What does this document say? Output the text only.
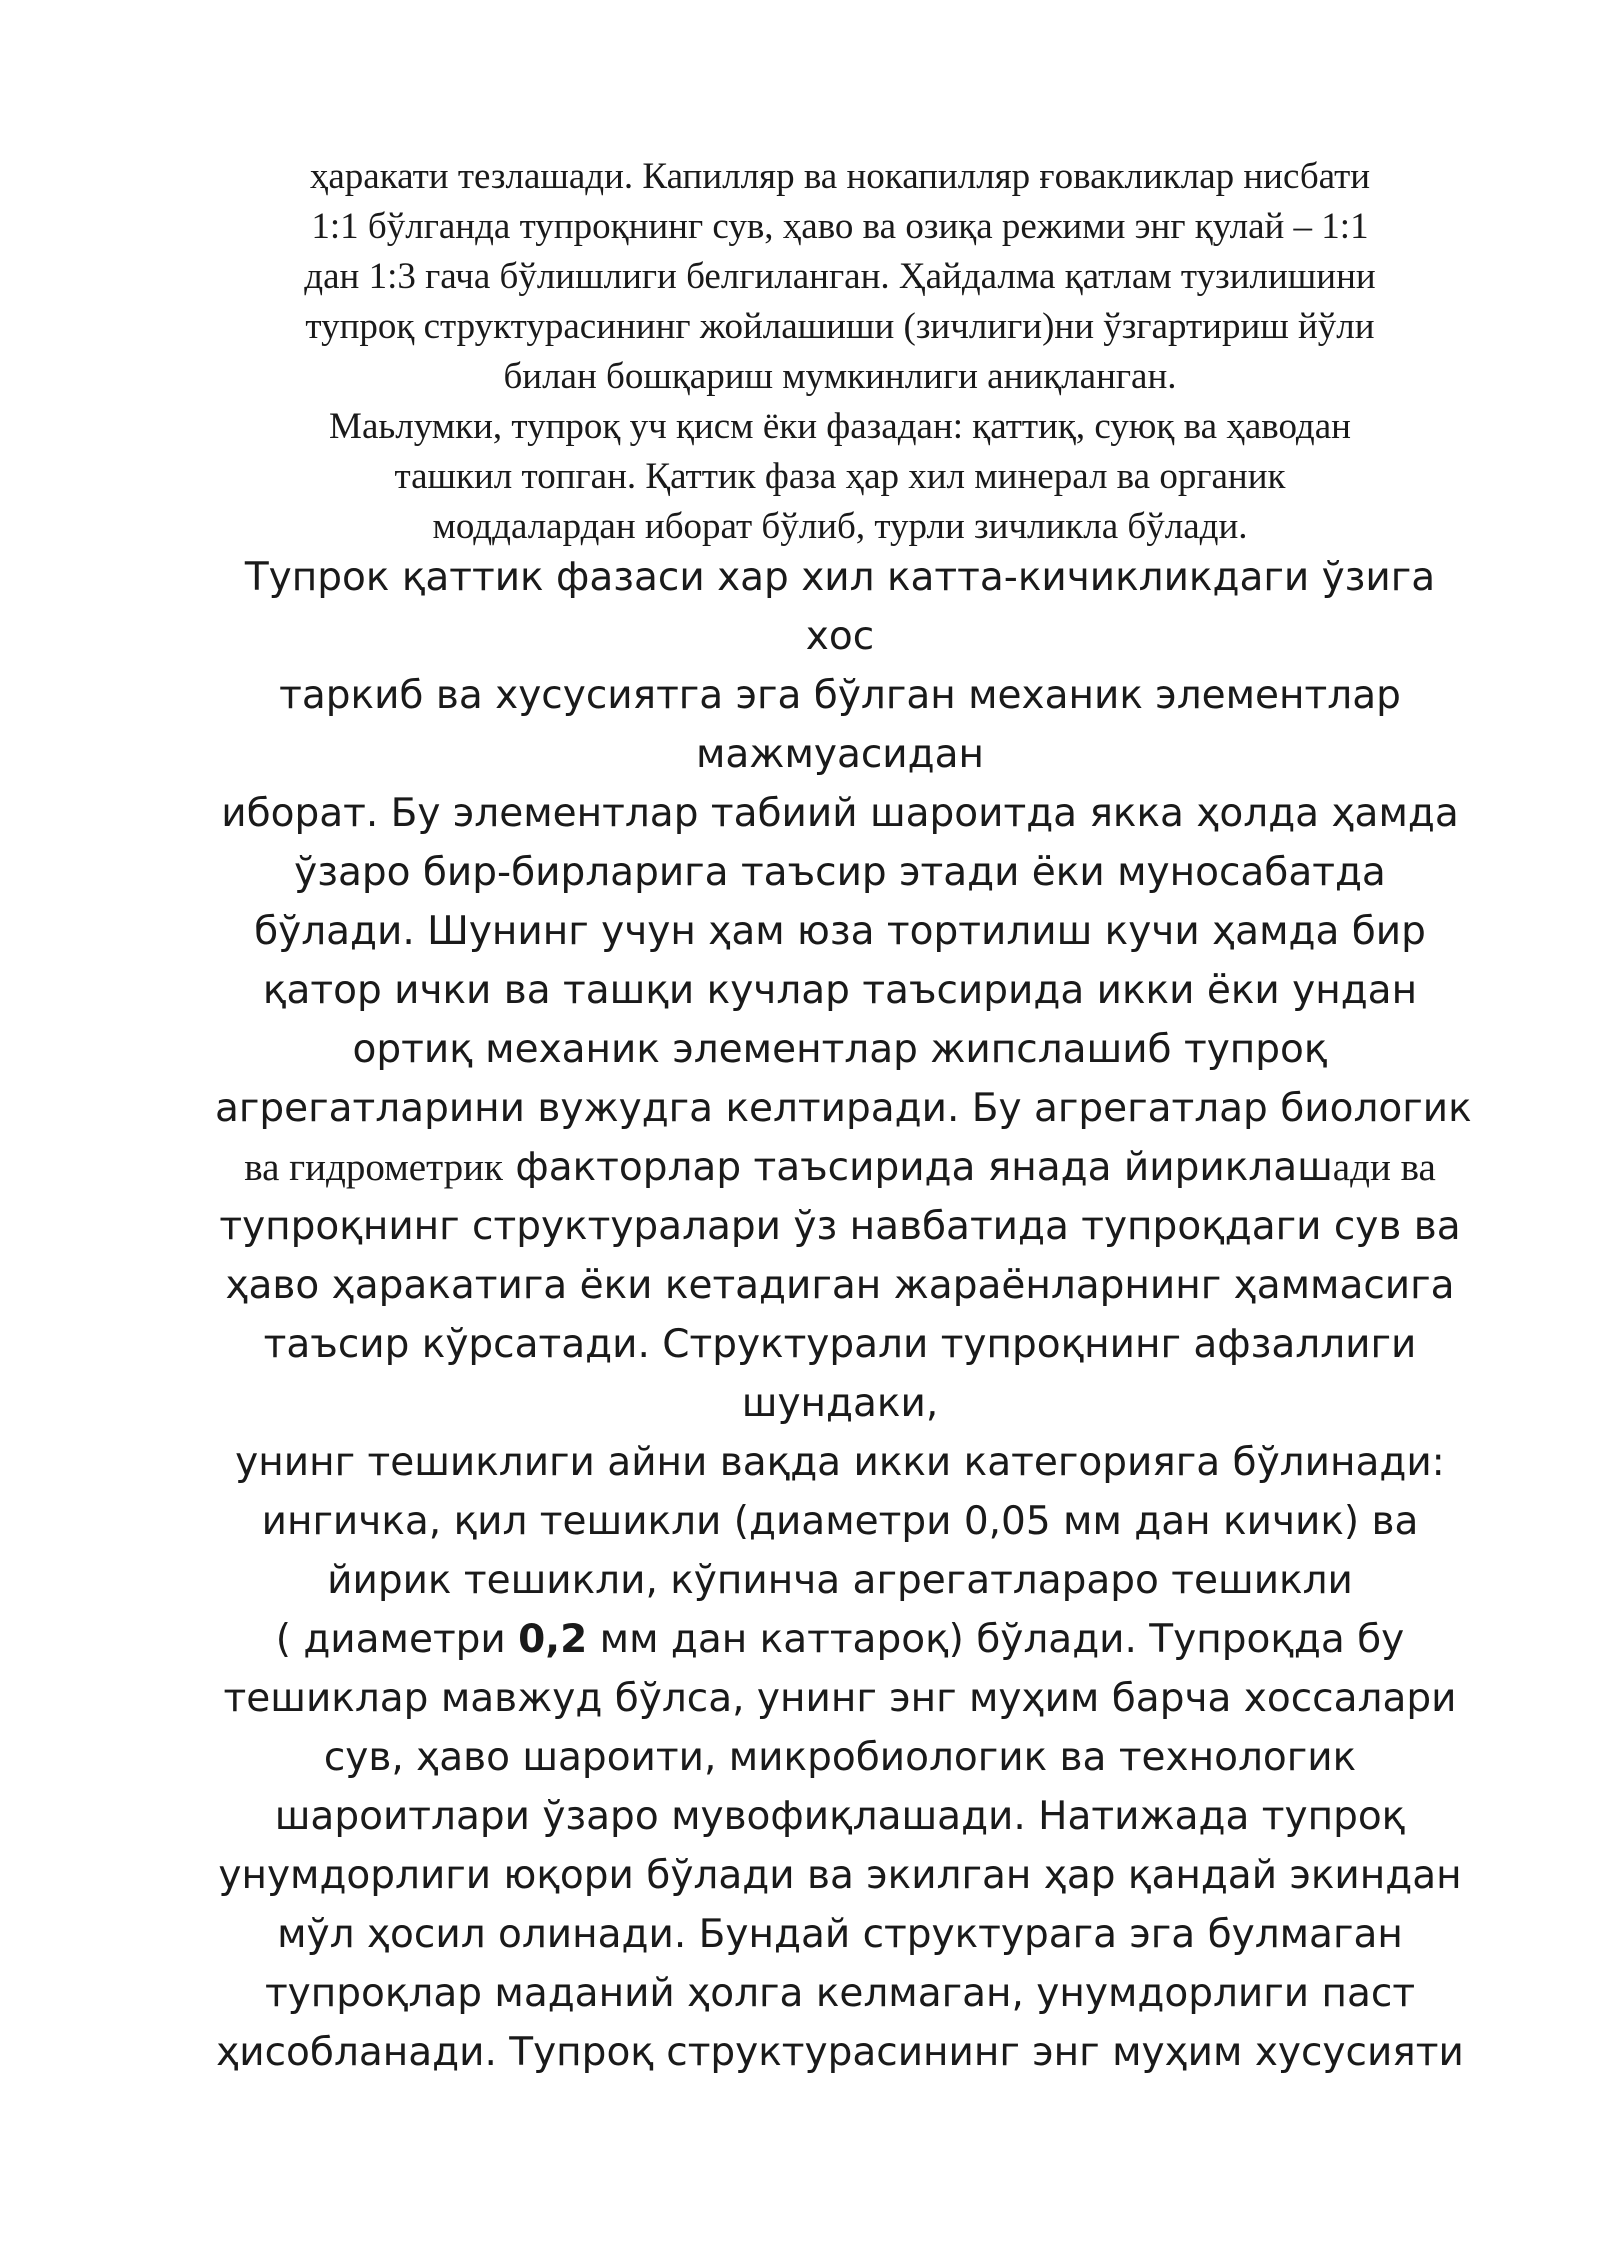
ҳаракати тезлашади. Капилляр ва нокапилляр ғовакликлар нисбати
1:1 бўлганда тупроқнинг сув, ҳаво ва озиқа режими энг қулай – 1:1
дан 1:3 гача бўлишлиги белгиланган. Ҳайдалма қатлам тузилишини
тупроқ структурасининг жойлашиши (зичлиги)ни ўзгартириш йўли
билан бошқариш мумкинлиги аниқланган.
Маьлумки, тупроқ уч қисм ёки фазадан: қаттиқ, суюқ ва ҳаводан
ташкил топган. Қаттик фаза ҳар хил минерал ва органик
моддалардан иборат бўлиб, турли зичликла бўлади.
Тупрок қаттик фазаси хар хил катта-кичикликдаги ўзига
хос
таркиб ва хусусиятга эга бўлган механик элементлар
мажмуасидан
иборат. Бу элементлар табиий шароитда якка ҳолда ҳамда
ўзаро бир-бирларига таъсир этади ёки муносабатда
бўлади. Шунинг учун ҳам юза тортилиш кучи ҳамда бир
қатор ички ва ташқи кучлар таъсирида икки ёки ундан
ортиқ механик элементлар жипслашиб тупроқ
агрегатларини вужудга келтиради. Бу агрегатлар биологик
ва гидрометрик факторлар таъсирида янада йириклашади ва
тупроқнинг структуралари ўз навбатида тупроқдаги сув ва
ҳаво ҳаракатига ёки кетадиган жараёнларнинг ҳаммасига
таъсир кўрсатади. Структурали тупроқнинг афзаллиги
шундаки,
унинг тешиклиги айни вақда икки категорияга бўлинади:
ингичка, қил тешикли (диаметри 0,05 мм дан кичик) ва
йирик тешикли, кўпинча агрегатлараро тешикли
( диаметри 0,2 мм дан каттароқ) бўлади. Тупроқда бу
тешиклар мавжуд бўлса, унинг энг муҳим барча хоссалари
сув, ҳаво шароити, микробиологик ва технологик
шароитлари ўзаро мувофиқлашади. Натижада тупроқ
унумдорлиги юқори бўлади ва экилган ҳар қандай экиндан
мўл ҳосил олинади. Бундай структурага эга булмаган
тупроқлар маданий ҳолга келмаган, унумдорлиги паст
ҳисобланади. Тупроқ структурасининг энг муҳим хусусияти
